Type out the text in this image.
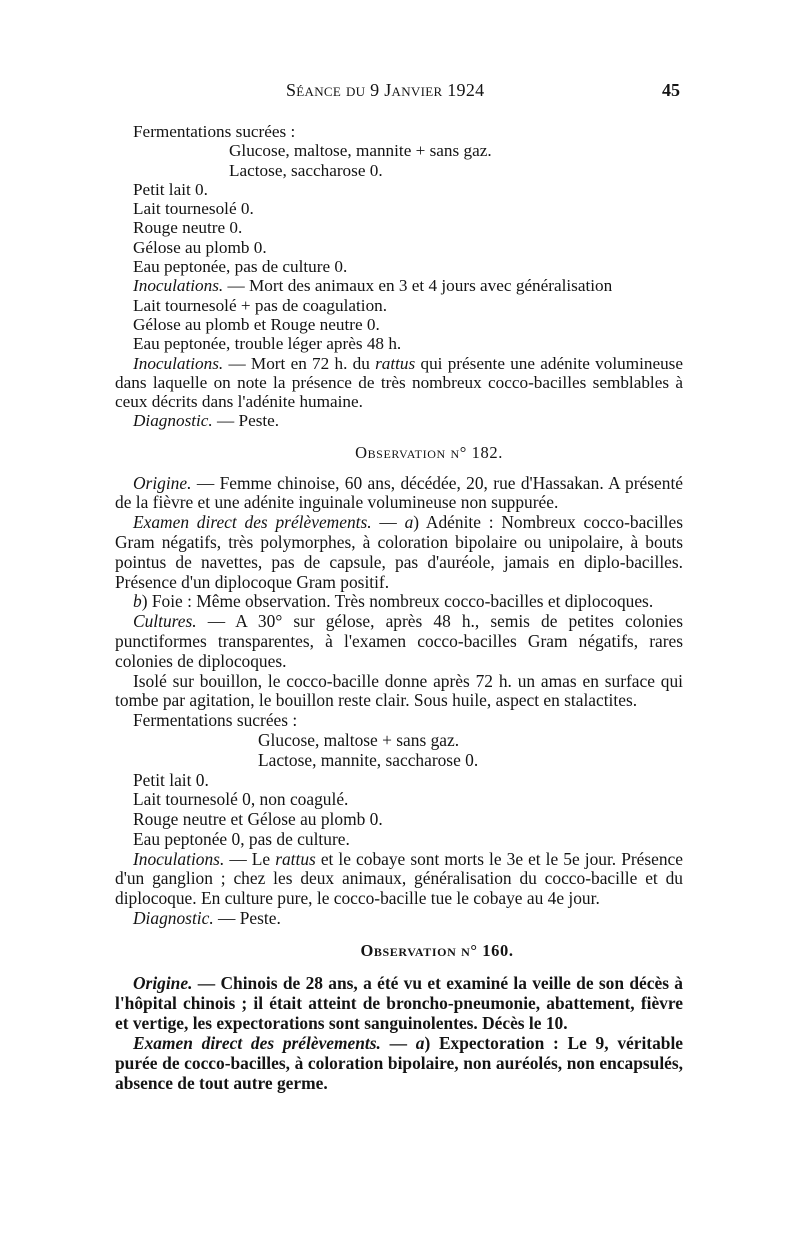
Séance du 9 Janvier 1924	45

Fermentations sucrées :

Glucose, maltose, mannite + sans gaz.

Lactose, saccharose 0.

Petit lait 0.

Lait tournesolé 0.

Rouge neutre 0.

Gélose au plomb 0.

Eau peptonée, pas de culture 0.

Inoculations. — Mort des animaux en 3 et 4 jours avec généralisation

Lait tournesolé + pas de coagulation.

Gélose au plomb et Rouge neutre 0.

Eau peptonée, trouble léger après 48 h.

Inoculations. — Mort en 72 h. du rattus qui présente une adénite volumineuse dans laquelle on note la présence de très nombreux cocco-bacilles semblables à ceux décrits dans l'adénite humaine.

Diagnostic. — Peste.

Observation n° 182.

Origine. — Femme chinoise, 60 ans, décédée, 20, rue d'Hassakan. A présenté de la fièvre et une adénite inguinale volumineuse non suppurée.

Examen direct des prélèvements. — a) Adénite : Nombreux cocco-bacilles Gram négatifs, très polymorphes, à coloration bipolaire ou unipolaire, à bouts pointus de navettes, pas de capsule, pas d'auréole, jamais en diplo-bacilles. Présence d'un diplocoque Gram positif.

b) Foie : Même observation. Très nombreux cocco-bacilles et diplocoques.

Cultures. — A 30° sur gélose, après 48 h., semis de petites colonies punctiformes transparentes, à l'examen cocco-bacilles Gram négatifs, rares colonies de diplocoques.

Isolé sur bouillon, le cocco-bacille donne après 72 h. un amas en surface qui tombe par agitation, le bouillon reste clair. Sous huile, aspect en stalactites.

Fermentations sucrées :

Glucose, maltose + sans gaz.

Lactose, mannite, saccharose 0.

Petit lait 0.

Lait tournesolé 0, non coagulé.

Rouge neutre et Gélose au plomb 0.

Eau peptonée 0, pas de culture.

Inoculations. — Le rattus et le cobaye sont morts le 3e et le 5e jour. Présence d'un ganglion ; chez les deux animaux, généralisation du cocco-bacille et du diplocoque. En culture pure, le cocco-bacille tue le cobaye au 4e jour.

Diagnostic. — Peste.

Observation n° 160.

Origine. — Chinois de 28 ans, a été vu et examiné la veille de son décès à l'hôpital chinois ; il était atteint de broncho-pneumonie, abattement, fièvre et vertige, les expectorations sont sanguinolentes. Décès le 10.

Examen direct des prélèvements. — a) Expectoration : Le 9, véritable purée de cocco-bacilles, à coloration bipolaire, non auréolés, non encapsulés, absence de tout autre germe.
